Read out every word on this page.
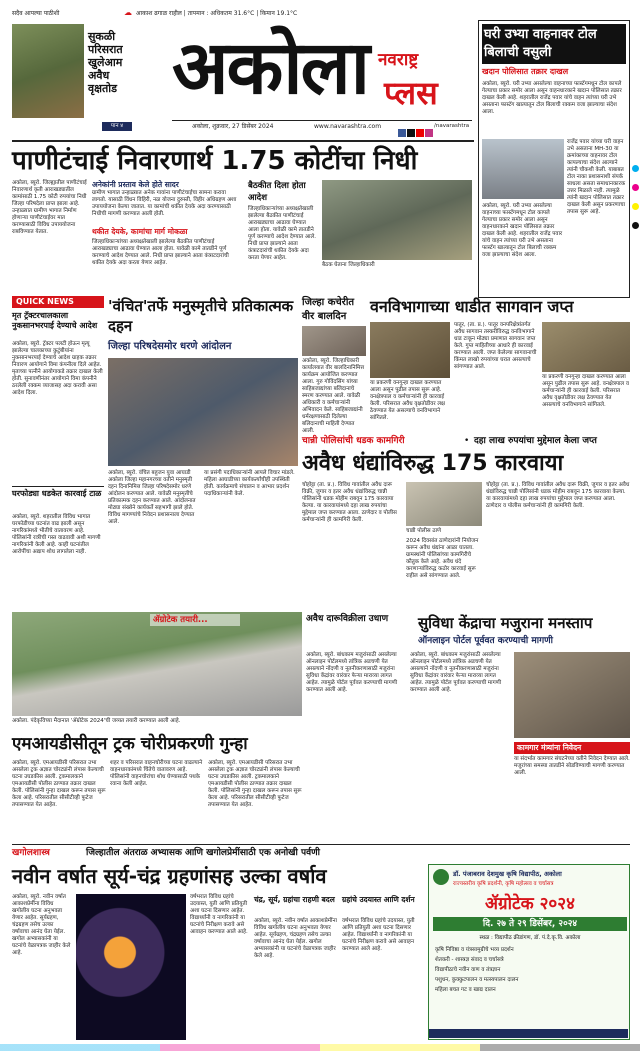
सदैव आपल्या पाठीशी	☁ आकाश ढगाळ राहील | तापमान : अधिकतम 31.6°C | किमान 19.1°C
सुकळी
परिसरात
खुलेआम
अवैध
वृक्षतोड
पान ४
अकोला नवराष्ट्र
प्लस
अकोला, शुक्रवार, 27 डिसेंबर 2024	www.navarashtra.com	/navarashtra
घरी उभ्या वाहनावर टोल बिलाची वसुली
खदान पोलिसात तक्रार दाखल
अकोला, ब्यूरो. घरी उभ्या असलेल्या वाहनाच्या फास्टॅगमधून टोल कापले गेल्याचा प्रकार समोर आला असून वाहनधारकाने खदान पोलिसात तक्रार दाखल केली आहे. शहरातील राजेंद्र पवार यांचे वाहन त्यांच्या घरी उभे असताना फास्टॅग खात्यातून टोल बिलाची रक्कम वजा झाल्याचा संदेश आला.
राजेंद्र पवार यांच्या घरी वाहन उभे असताना MH-30 या क्रमांकाच्या वाहनावर टोल कापल्याचा संदेश आल्याने त्यांनी चौकशी केली. याबाबत टोल नाका प्रशासनाशी संपर्क साधला असता समाधानकारक उत्तर मिळाले नाही. त्यामुळे त्यांनी खदान पोलिसात तक्रार दाखल केली असून प्रकरणाचा तपास सुरू आहे.
अकोला, ब्यूरो. घरी उभ्या असलेल्या वाहनाच्या फास्टॅगमधून टोल कापले गेल्याचा प्रकार समोर आला असून वाहनधारकाने खदान पोलिसात तक्रार दाखल केली आहे. शहरातील राजेंद्र पवार यांचे वाहन त्यांच्या घरी उभे असताना फास्टॅग खात्यातून टोल बिलाची रक्कम वजा झाल्याचा संदेश आला.
पाणीटंचाई निवारणार्थ 1.75 कोटींचा निधी
अकोला, ब्यूरो. जिल्ह्यातील पाणीटंचाई निवारणार्थ कृती आराखड्यातील कामांसाठी 1.75 कोटी रुपयांचा निधी जिल्हा परिषदेला प्राप्त झाला आहे. उन्हाळ्यात ग्रामीण भागात निर्माण होणाऱ्या पाणीटंचाईवर मात करण्यासाठी विविध उपाययोजना राबविण्यात येतात.
अनेकांनी प्रस्ताव केले होते सादर
ग्रामीण भागात उन्हाळ्यात अनेक गावांना पाणीटंचाईचा सामना करावा लागतो. यासाठी विंधन विहिरी, नळ योजना दुरुस्ती, विहीर अधिग्रहण अशा उपाययोजना केल्या जातात. या कामांची थकीत देयके अदा करण्यासाठी निधीची मागणी करण्यात आली होती.
थकीत देयके, कामांचा मार्ग मोकळा
जिल्हाधिकाऱ्यांच्या अध्यक्षतेखाली झालेल्या बैठकीत पाणीटंचाई आराखड्याचा आढावा घेण्यात आला होता. यावेळी कामे तातडीने पूर्ण करण्याचे आदेश देण्यात आले. निधी प्राप्त झाल्याने आता कंत्राटदारांची थकीत देयके अदा करता येणार आहेत.
बैठकीत दिला होता आदेश
जिल्हाधिकाऱ्यांच्या अध्यक्षतेखाली झालेल्या बैठकीत पाणीटंचाई आराखड्याचा आढावा घेण्यात आला होता. यावेळी कामे तातडीने पूर्ण करण्याचे आदेश देण्यात आले. निधी प्राप्त झाल्याने आता कंत्राटदारांची थकीत देयके अदा करता येणार आहेत.
बैठक घेताना जिल्हाधिकारी
QUICK NEWS
मृत ट्रॅक्टरचालकाला नुकसानभरपाई देण्याचे आदेश
अकोला, ब्यूरो. ट्रॅक्टर पलटी होऊन मृत्यू झालेल्या चालकाच्या कुटुंबीयांना नुकसानभरपाई देण्याचे आदेश ग्राहक तक्रार निवारण आयोगाने विमा कंपनीला दिले आहेत. मृताच्या पत्नीने आयोगाकडे तक्रार दाखल केली होती. सुनावणीनंतर आयोगाने विमा कंपनीने ठरलेली रक्कम व्याजासह अदा करावी असा आदेश दिला.
घरफोड्या धडकेत कारवाई टाळ
अकोला, ब्यूरो. शहरातील विविध भागात घरफोडीच्या घटनांत वाढ झाली असून नागरिकांमध्ये भीतीचे वातावरण आहे. पोलिसांनी रात्रीची गस्त वाढवावी अशी मागणी नागरिकांनी केली आहे. काही घटनांतील आरोपींचा अद्याप शोध लागलेला नाही.
'वंचित'तर्फे मनुस्मृतीचे प्रतिकात्मक दहन
जिल्हा परिषदेसमोर धरणे आंदोलन
अकोला, ब्यूरो. वंचित बहुजन युवा आघाडी अकोला जिल्हा महानगरच्या वतीने मनुस्मृती दहन दिनानिमित्त जिल्हा परिषदेसमोर धरणे आंदोलन करण्यात आले. यावेळी मनुस्मृतीचे प्रतिकात्मक दहन करण्यात आले. आंदोलनात मोठ्या संख्येने कार्यकर्ते सहभागी झाले होते. विविध मागण्यांचे निवेदन प्रशासनाला देण्यात आले.
या प्रसंगी पदाधिकाऱ्यांनी आपले विचार मांडले. महिला आघाडीच्या कार्यकर्त्यांचीही उपस्थिती होती. कार्यक्रमाचे संचालन व आभार प्रदर्शन पदाधिकाऱ्यांनी केले.
जिल्हा कचेरीत वीर बालदिन
अकोला, ब्यूरो. जिल्हाधिकारी कार्यालयात वीर बालदिनानिमित्त कार्यक्रम आयोजित करण्यात आला. गुरु गोविंदसिंग यांच्या साहिबजाद्यांच्या बलिदानाचे स्मरण करण्यात आले. यावेळी अधिकारी व कर्मचाऱ्यांनी अभिवादन केले. साहिबजाद्यांनी धर्मरक्षणासाठी दिलेल्या बलिदानाची माहिती देण्यात आली.
वनविभागाच्या धाडीत सागवान जप्त
पातूर, (ता. प्र.). पातूर वनपरिक्षेत्रांतर्गत अवैध सागवान तस्करीविरुद्ध वनविभागाने धाड टाकून मोठ्या प्रमाणात सागवान जप्त केले. गुप्त माहितीच्या आधारे ही कारवाई करण्यात आली. जप्त केलेल्या सागवानाची किंमत लाखो रुपयांच्या घरात असल्याचे सांगण्यात आले.
या प्रकरणी वनगुन्हा दाखल करण्यात आला असून पुढील तपास सुरू आहे. वनक्षेत्रपाल व कर्मचाऱ्यांनी ही कारवाई केली. परिसरात अवैध वृक्षतोडीवर लक्ष ठेवण्यात येत असल्याचे वनविभागाने सांगितले.
या प्रकरणी वनगुन्हा दाखल करण्यात आला असून पुढील तपास सुरू आहे. वनक्षेत्रपाल व कर्मचाऱ्यांनी ही कारवाई केली. परिसरात अवैध वृक्षतोडीवर लक्ष ठेवण्यात येत असल्याचे वनविभागाने सांगितले.
चान्नी पोलिसांची धडक कामगिरी	• दहा लाख रुपयांचा मुद्देमाल केला जप्त
अवैध धंद्यांविरुद्ध 175 कारवाया
चोहोट्टा (ता. प्र.). विविध गावांतील अवैध दारू विक्री, जुगार व इतर अवैध धंद्यांविरुद्ध चान्नी पोलिसांनी धडक मोहीम राबवून 175 कारवाया केल्या. या कारवायांमध्ये दहा लाख रुपयांचा मुद्देमाल जप्त करण्यात आला. ठाणेदार व पोलीस कर्मचाऱ्यांनी ही कामगिरी केली.
चान्नी पोलीस ठाणे
2024 दिवसांत ठाणेदारांनी नियोजन करून अवैध धंद्यांना आळा घातला. ग्रामस्थांनी पोलिसांच्या कामगिरीचे कौतुक केले आहे. अवैध धंदे करणाऱ्यांविरुद्ध कठोर कारवाई सुरू राहील असे सांगण्यात आले.
चोहोट्टा (ता. प्र.). विविध गावांतील अवैध दारू विक्री, जुगार व इतर अवैध धंद्यांविरुद्ध चान्नी पोलिसांनी धडक मोहीम राबवून 175 कारवाया केल्या. या कारवायांमध्ये दहा लाख रुपयांचा मुद्देमाल जप्त करण्यात आला. ठाणेदार व पोलीस कर्मचाऱ्यांनी ही कामगिरी केली.
ॲग्रोटेक तयारी...
अकोला. पंदेकृविच्या मैदानात 'ॲग्रोटेक 2024'ची जय्यत तयारी करण्यात आली आहे.
अवैध दारूविक्रीला उधाण	सुविधा केंद्राचा मजुराना मनस्ताप
ऑनलाइन पोर्टल पूर्ववत करण्याची मागणी
अकोला, ब्यूरो. बांधकाम मजुरांसाठी असलेल्या ऑनलाइन पोर्टलमध्ये तांत्रिक अडचणी येत असल्याने नोंदणी व नूतनीकरणासाठी मजुरांना सुविधा केंद्रांवर वारंवार फेऱ्या माराव्या लागत आहेत. त्यामुळे पोर्टल पूर्ववत करण्याची मागणी करण्यात आली आहे.
अकोला, ब्यूरो. बांधकाम मजुरांसाठी असलेल्या ऑनलाइन पोर्टलमध्ये तांत्रिक अडचणी येत असल्याने नोंदणी व नूतनीकरणासाठी मजुरांना सुविधा केंद्रांवर वारंवार फेऱ्या माराव्या लागत आहेत. त्यामुळे पोर्टल पूर्ववत करण्याची मागणी करण्यात आली आहे.
कामगार मंत्र्यांना निवेदन
या संदर्भात कामगार संघटनेच्या वतीने निवेदन देण्यात आले. मजुरांच्या समस्या तातडीने सोडविण्याची मागणी करण्यात आली.
एमआयडीसीतून ट्रक चोरीप्रकरणी गुन्हा
अकोला, ब्यूरो. एमआयडीसी परिसरात उभा असलेला ट्रक अज्ञात चोरट्यांनी लंपास केल्याची घटना उघडकीस आली. ट्रकमालकाने एमआयडीसी पोलीस ठाण्यात तक्रार दाखल केली. पोलिसांनी गुन्हा दाखल करून तपास सुरू केला आहे. परिसरातील सीसीटीव्ही फुटेज तपासण्यात येत आहेत.
शहर व परिसरात वाहनचोरीच्या घटना वाढल्याने वाहनधारकांमध्ये चिंतेचे वातावरण आहे. पोलिसांनी वाहनचोरांचा शोध घेण्यासाठी पथके रवाना केली आहेत.
अकोला, ब्यूरो. एमआयडीसी परिसरात उभा असलेला ट्रक अज्ञात चोरट्यांनी लंपास केल्याची घटना उघडकीस आली. ट्रकमालकाने एमआयडीसी पोलीस ठाण्यात तक्रार दाखल केली. पोलिसांनी गुन्हा दाखल करून तपास सुरू केला आहे. परिसरातील सीसीटीव्ही फुटेज तपासण्यात येत आहेत.
खगोलशास्त्र	जिल्हातील अंतराळ अभ्यासक आणि खगोलप्रेमींसाठी एक अनोखी पर्वणी
नवीन वर्षात सूर्य-चंद्र ग्रहणांसह उल्का वर्षाव
अकोला, ब्यूरो. नवीन वर्षात आकाशप्रेमींना विविध खगोलीय घटना अनुभवता येणार आहेत. सूर्यग्रहण, चंद्रग्रहण तसेच उल्का वर्षावाचा आनंद घेता येईल. खगोल अभ्यासकांनी या घटनांचे वेळापत्रक जाहीर केले आहे.
वर्षभरात विविध ग्रहांचे उदयास्त, युती आणि प्रतियुती अशा घटना दिसणार आहेत. विद्यार्थ्यांनी व नागरिकांनी या घटनांचे निरीक्षण करावे असे आवाहन करण्यात आले आहे.
चंद्र, सूर्य, ग्रहांचा राहणी बदल
अकोला, ब्यूरो. नवीन वर्षात आकाशप्रेमींना विविध खगोलीय घटना अनुभवता येणार आहेत. सूर्यग्रहण, चंद्रग्रहण तसेच उल्का वर्षावाचा आनंद घेता येईल. खगोल अभ्यासकांनी या घटनांचे वेळापत्रक जाहीर केले आहे.
ग्रहांचे उदयास्त आणि दर्शन
वर्षभरात विविध ग्रहांचे उदयास्त, युती आणि प्रतियुती अशा घटना दिसणार आहेत. विद्यार्थ्यांनी व नागरिकांनी या घटनांचे निरीक्षण करावे असे आवाहन करण्यात आले आहे.
डॉ. पंजाबराव देशमुख कृषि विद्यापीठ, अकोला
राज्यस्तरीय कृषि प्रदर्शनी, कृषि महोत्सव व चर्चासत्र
ॲग्रोटेक २०२४
दि. २७ ते २९ डिसेंबर, २०२४
स्थळ : विद्यापीठ क्रीडांगण, डॉ. पं.दे.कृ.वि. अकोला
कृषि निविष्ठा व यंत्रसामुग्रीचे भव्य प्रदर्शन
शेतकरी - शास्त्रज्ञ संवाद व चर्चासत्रे
विद्यापीठाचे नवीन वाण व तंत्रज्ञान
पशुधन, कुक्कुटपालन व मत्स्यपालन दालन
महिला बचत गट व खाद्य दालन
